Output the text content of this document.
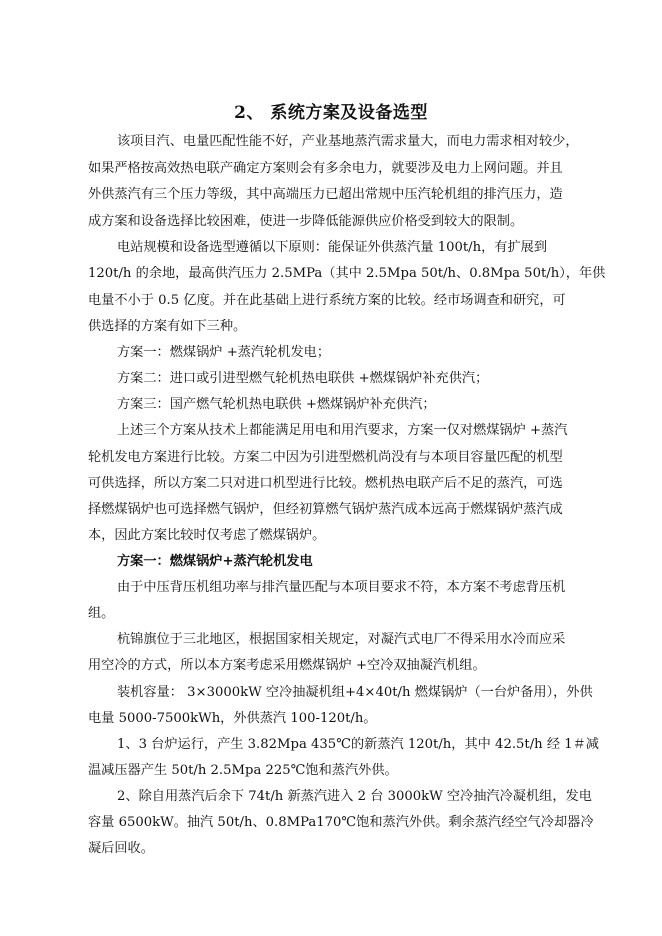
2、 系统方案及设备选型
该项目汽、电量匹配性能不好，产业基地蒸汽需求量大，而电力需求相对较少，
如果严格按高效热电联产确定方案则会有多余电力，就要涉及电力上网问题。并且
外供蒸汽有三个压力等级，其中高端压力已超出常规中压汽轮机组的排汽压力，造
成方案和设备选择比较困难，使进一步降低能源供应价格受到较大的限制。
电站规模和设备选型遵循以下原则：能保证外供蒸汽量 100t/h，有扩展到
120t/h 的余地，最高供汽压力 2.5MPa（其中 2.5Mpa 50t/h、0.8Mpa 50t/h），年供
电量不小于 0.5 亿度。并在此基础上进行系统方案的比较。经市场调查和研究，可
供选择的方案有如下三种。
方案一：燃煤锅炉 +蒸汽轮机发电；
方案二：进口或引进型燃气轮机热电联供 +燃煤锅炉补充供汽；
方案三：国产燃气轮机热电联供 +燃煤锅炉补充供汽；
上述三个方案从技术上都能满足用电和用汽要求，方案一仅对燃煤锅炉 +蒸汽
轮机发电方案进行比较。方案二中因为引进型燃机尚没有与本项目容量匹配的机型
可供选择，所以方案二只对进口机型进行比较。燃机热电联产后不足的蒸汽，可选
择燃煤锅炉也可选择燃气锅炉，但经初算燃气锅炉蒸汽成本远高于燃煤锅炉蒸汽成
本，因此方案比较时仅考虑了燃煤锅炉。
方案一：燃煤锅炉+蒸汽轮机发电
由于中压背压机组功率与排汽量匹配与本项目要求不符，本方案不考虑背压机
组。
杭锦旗位于三北地区，根据国家相关规定，对凝汽式电厂不得采用水冷而应采
用空冷的方式，所以本方案考虑采用燃煤锅炉 +空冷双抽凝汽机组。
装机容量： 3×3000kW 空冷抽凝机组+4×40t/h 燃煤锅炉（一台炉备用），外供
电量 5000-7500kWh，外供蒸汽 100-120t/h。
1、3 台炉运行，产生 3.82Mpa 435℃的新蒸汽 120t/h，其中 42.5t/h 经 1＃减
温减压器产生 50t/h 2.5Mpa 225℃饱和蒸汽外供。
2、除自用蒸汽后余下 74t/h 新蒸汽进入 2 台 3000kW 空冷抽汽冷凝机组，发电
容量 6500kW。抽汽 50t/h、0.8MPa170℃饱和蒸汽外供。剩余蒸汽经空气冷却器冷
凝后回收。
